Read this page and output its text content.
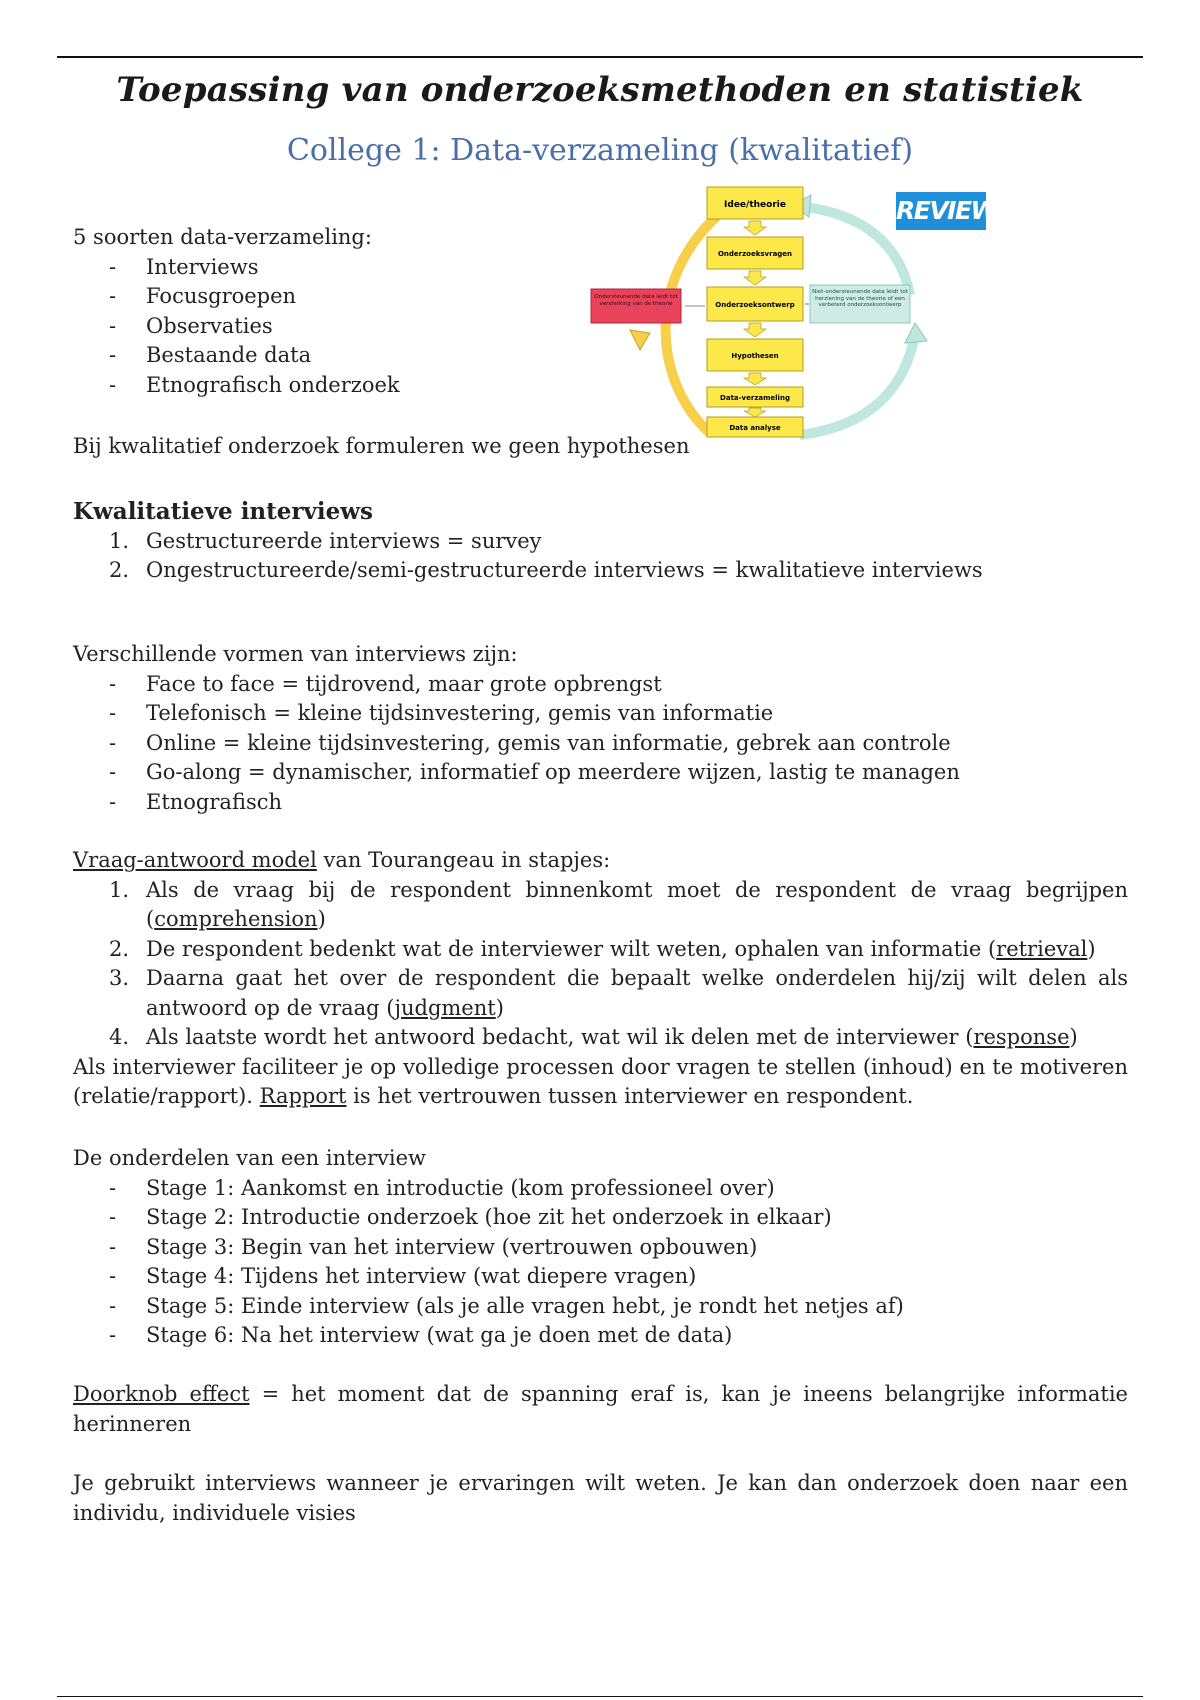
Toepassing van onderzoeksmethoden en statistiek
College 1: Data-verzameling (kwalitatief)

5 soorten data-verzameling:

- Interviews
- Focusgroepen
- Observaties
- Bestaande data
- Etnografisch onderzoek

Bij kwalitatief onderzoek formuleren we geen hypothesen

REVIEW
Idee/theorie
Onderzoeksvragen
Onderzoeksontwerp
Hypothesen
Data-verzameling
Data analyse
Ondersteunende data leidt tot versterking van de theorie
Niet-ondersteunende data leidt tot herziening van de theorie of een verbeterd onderzoeksontwerp

Kwalitatieve interviews

1. Gestructureerde interviews = survey
2. Ongestructureerde/semi-gestructureerde interviews = kwalitatieve interviews

Verschillende vormen van interviews zijn:

- Face to face = tijdrovend, maar grote opbrengst
- Telefonisch = kleine tijdsinvestering, gemis van informatie
- Online = kleine tijdsinvestering, gemis van informatie, gebrek aan controle
- Go-along = dynamischer, informatief op meerdere wijzen, lastig te managen
- Etnografisch

Vraag-antwoord model van Tourangeau in stapjes:

1. Als de vraag bij de respondent binnenkomt moet de respondent de vraag begrijpen (comprehension)
2. De respondent bedenkt wat de interviewer wilt weten, ophalen van informatie (retrieval)
3. Daarna gaat het over de respondent die bepaalt welke onderdelen hij/zij wilt delen als antwoord op de vraag (judgment)
4. Als laatste wordt het antwoord bedacht, wat wil ik delen met de interviewer (response)

Als interviewer faciliteer je op volledige processen door vragen te stellen (inhoud) en te motiveren (relatie/rapport). Rapport is het vertrouwen tussen interviewer en respondent.

De onderdelen van een interview

- Stage 1: Aankomst en introductie (kom professioneel over)
- Stage 2: Introductie onderzoek (hoe zit het onderzoek in elkaar)
- Stage 3: Begin van het interview (vertrouwen opbouwen)
- Stage 4: Tijdens het interview (wat diepere vragen)
- Stage 5: Einde interview (als je alle vragen hebt, je rondt het netjes af)
- Stage 6: Na het interview (wat ga je doen met de data)

Doorknob effect = het moment dat de spanning eraf is, kan je ineens belangrijke informatie herinneren

Je gebruikt interviews wanneer je ervaringen wilt weten. Je kan dan onderzoek doen naar een individu, individuele visies
